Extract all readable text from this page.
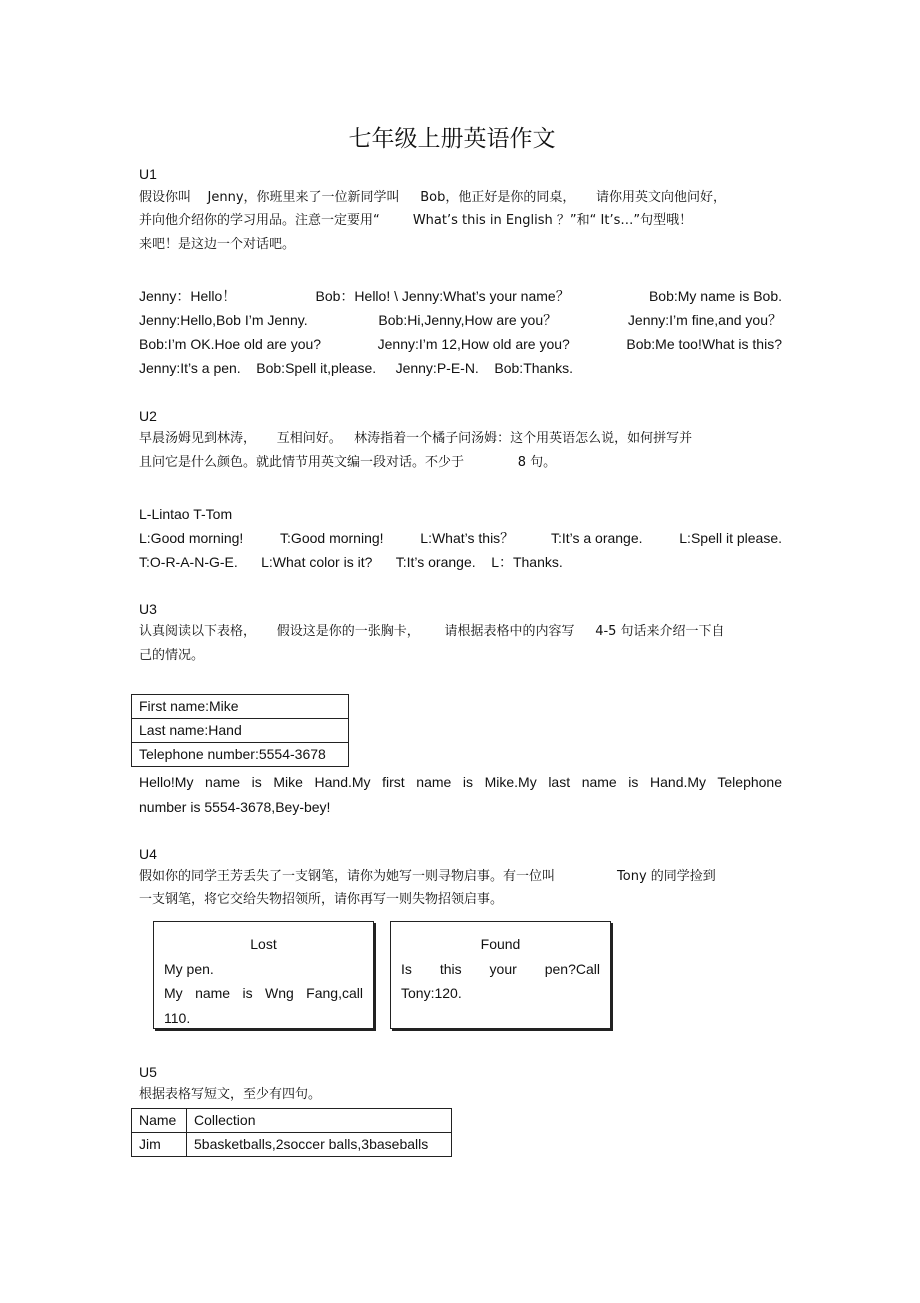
七年级上册英语作文
U1
假设你叫 Jenny，你班里来了一位新同学叫 Bob，他正好是你的同桌， 请你用英文向他问好，
并向他介绍你的学习用品。注意一定要用“	What’s this in English ？”和“ It’s…”句型哦！
来吧！是这边一个对话吧。
Jenny：Hello！	Bob：Hello! \ Jenny:What’s your name？	Bob:My name is Bob.
Jenny:Hello,Bob I’m Jenny.	Bob:Hi,Jenny,How are you？	Jenny:I’m fine,and you？
Bob:I’m OK.Hoe old are you?	Jenny:I’m 12,How old are you?	Bob:Me too!What is this?
Jenny:It’s a pen. Bob:Spell it,please. Jenny:P-E-N. Bob:Thanks.
U2
早晨汤姆见到林涛， 互相问好。 林涛指着一个橘子问汤姆：这个用英语怎么说，如何拼写并
且问它是什么颜色。就此情节用英文编一段对话。不少于	8 句。
L-Lintao T-Tom
L:Good morning!	T:Good morning!	L:What’s this？	T:It’s a orange.	L:Spell it please.
T:O-R-A-N-G-E. L:What color is it? T:It’s orange. L：Thanks.
U3
认真阅读以下表格， 假设这是你的一张胸卡， 请根据表格中的内容写 4-5 句话来介绍一下自
己的情况。
First name:Mike
Last name:Hand
Telephone number:5554-3678
Hello!My name is Mike Hand.My first name is Mike.My last name is Hand.My Telephone
number is 5554-3678,Bey-bey!
U4
假如你的同学王芳丢失了一支钢笔，请你为她写一则寻物启事。有一位叫	Tony 的同学捡到
一支钢笔，将它交给失物招领所，请你再写一则失物招领启事。
Lost
My pen.
My name is Wng Fang,call
110.
Found
Is this your pen?Call
Tony:120.
U5
根据表格写短文，至少有四句。
Name	Collection
Jim	5basketballs,2soccer balls,3baseballs
